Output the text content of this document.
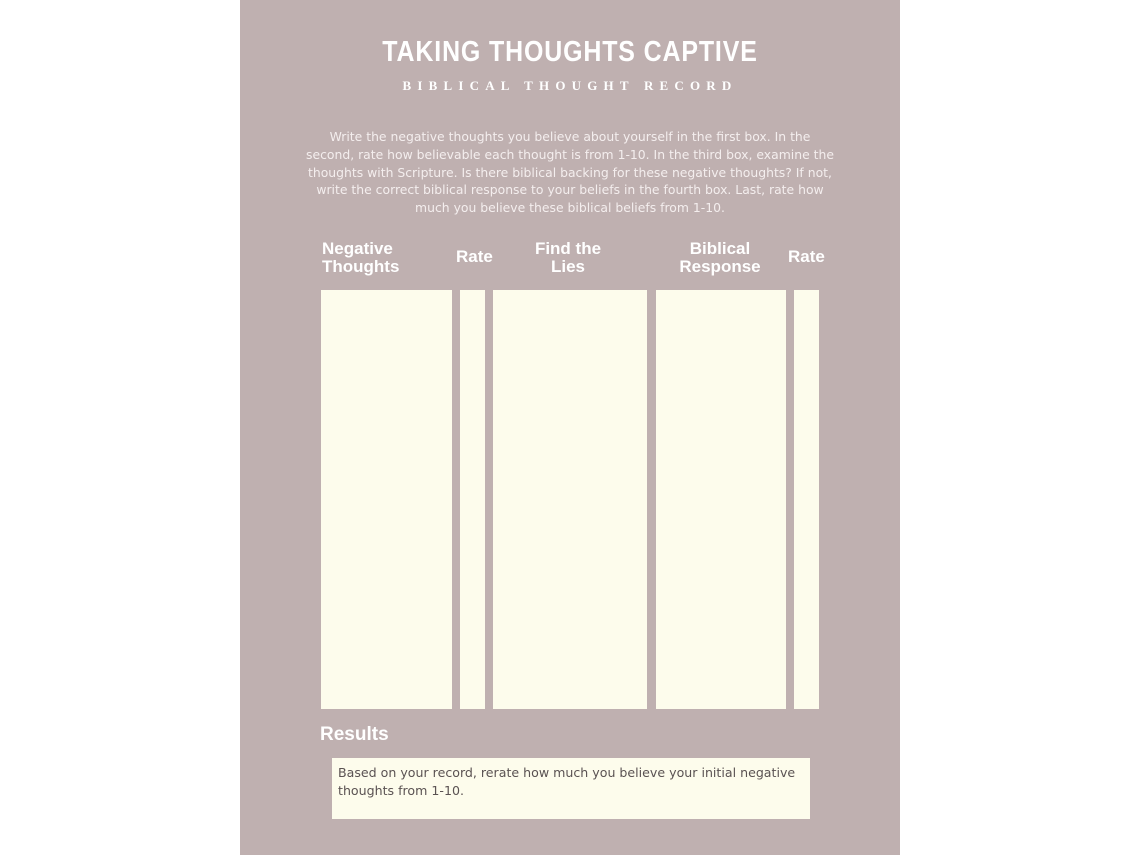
TAKING THOUGHTS CAPTIVE
BIBLICAL THOUGHT RECORD
Write the negative thoughts you believe about yourself in the first box. In the second, rate how believable each thought is from 1-10. In the third box, examine the thoughts with Scripture. Is there biblical backing for these negative thoughts? If not, write the correct biblical response to your beliefs in the fourth box. Last, rate how much you believe these biblical beliefs from 1-10.
Negative
Thoughts
Rate	Find the
Lies
Biblical
Response
Rate
Results
Based on your record, rerate how much you believe your initial negative thoughts from 1-10.
